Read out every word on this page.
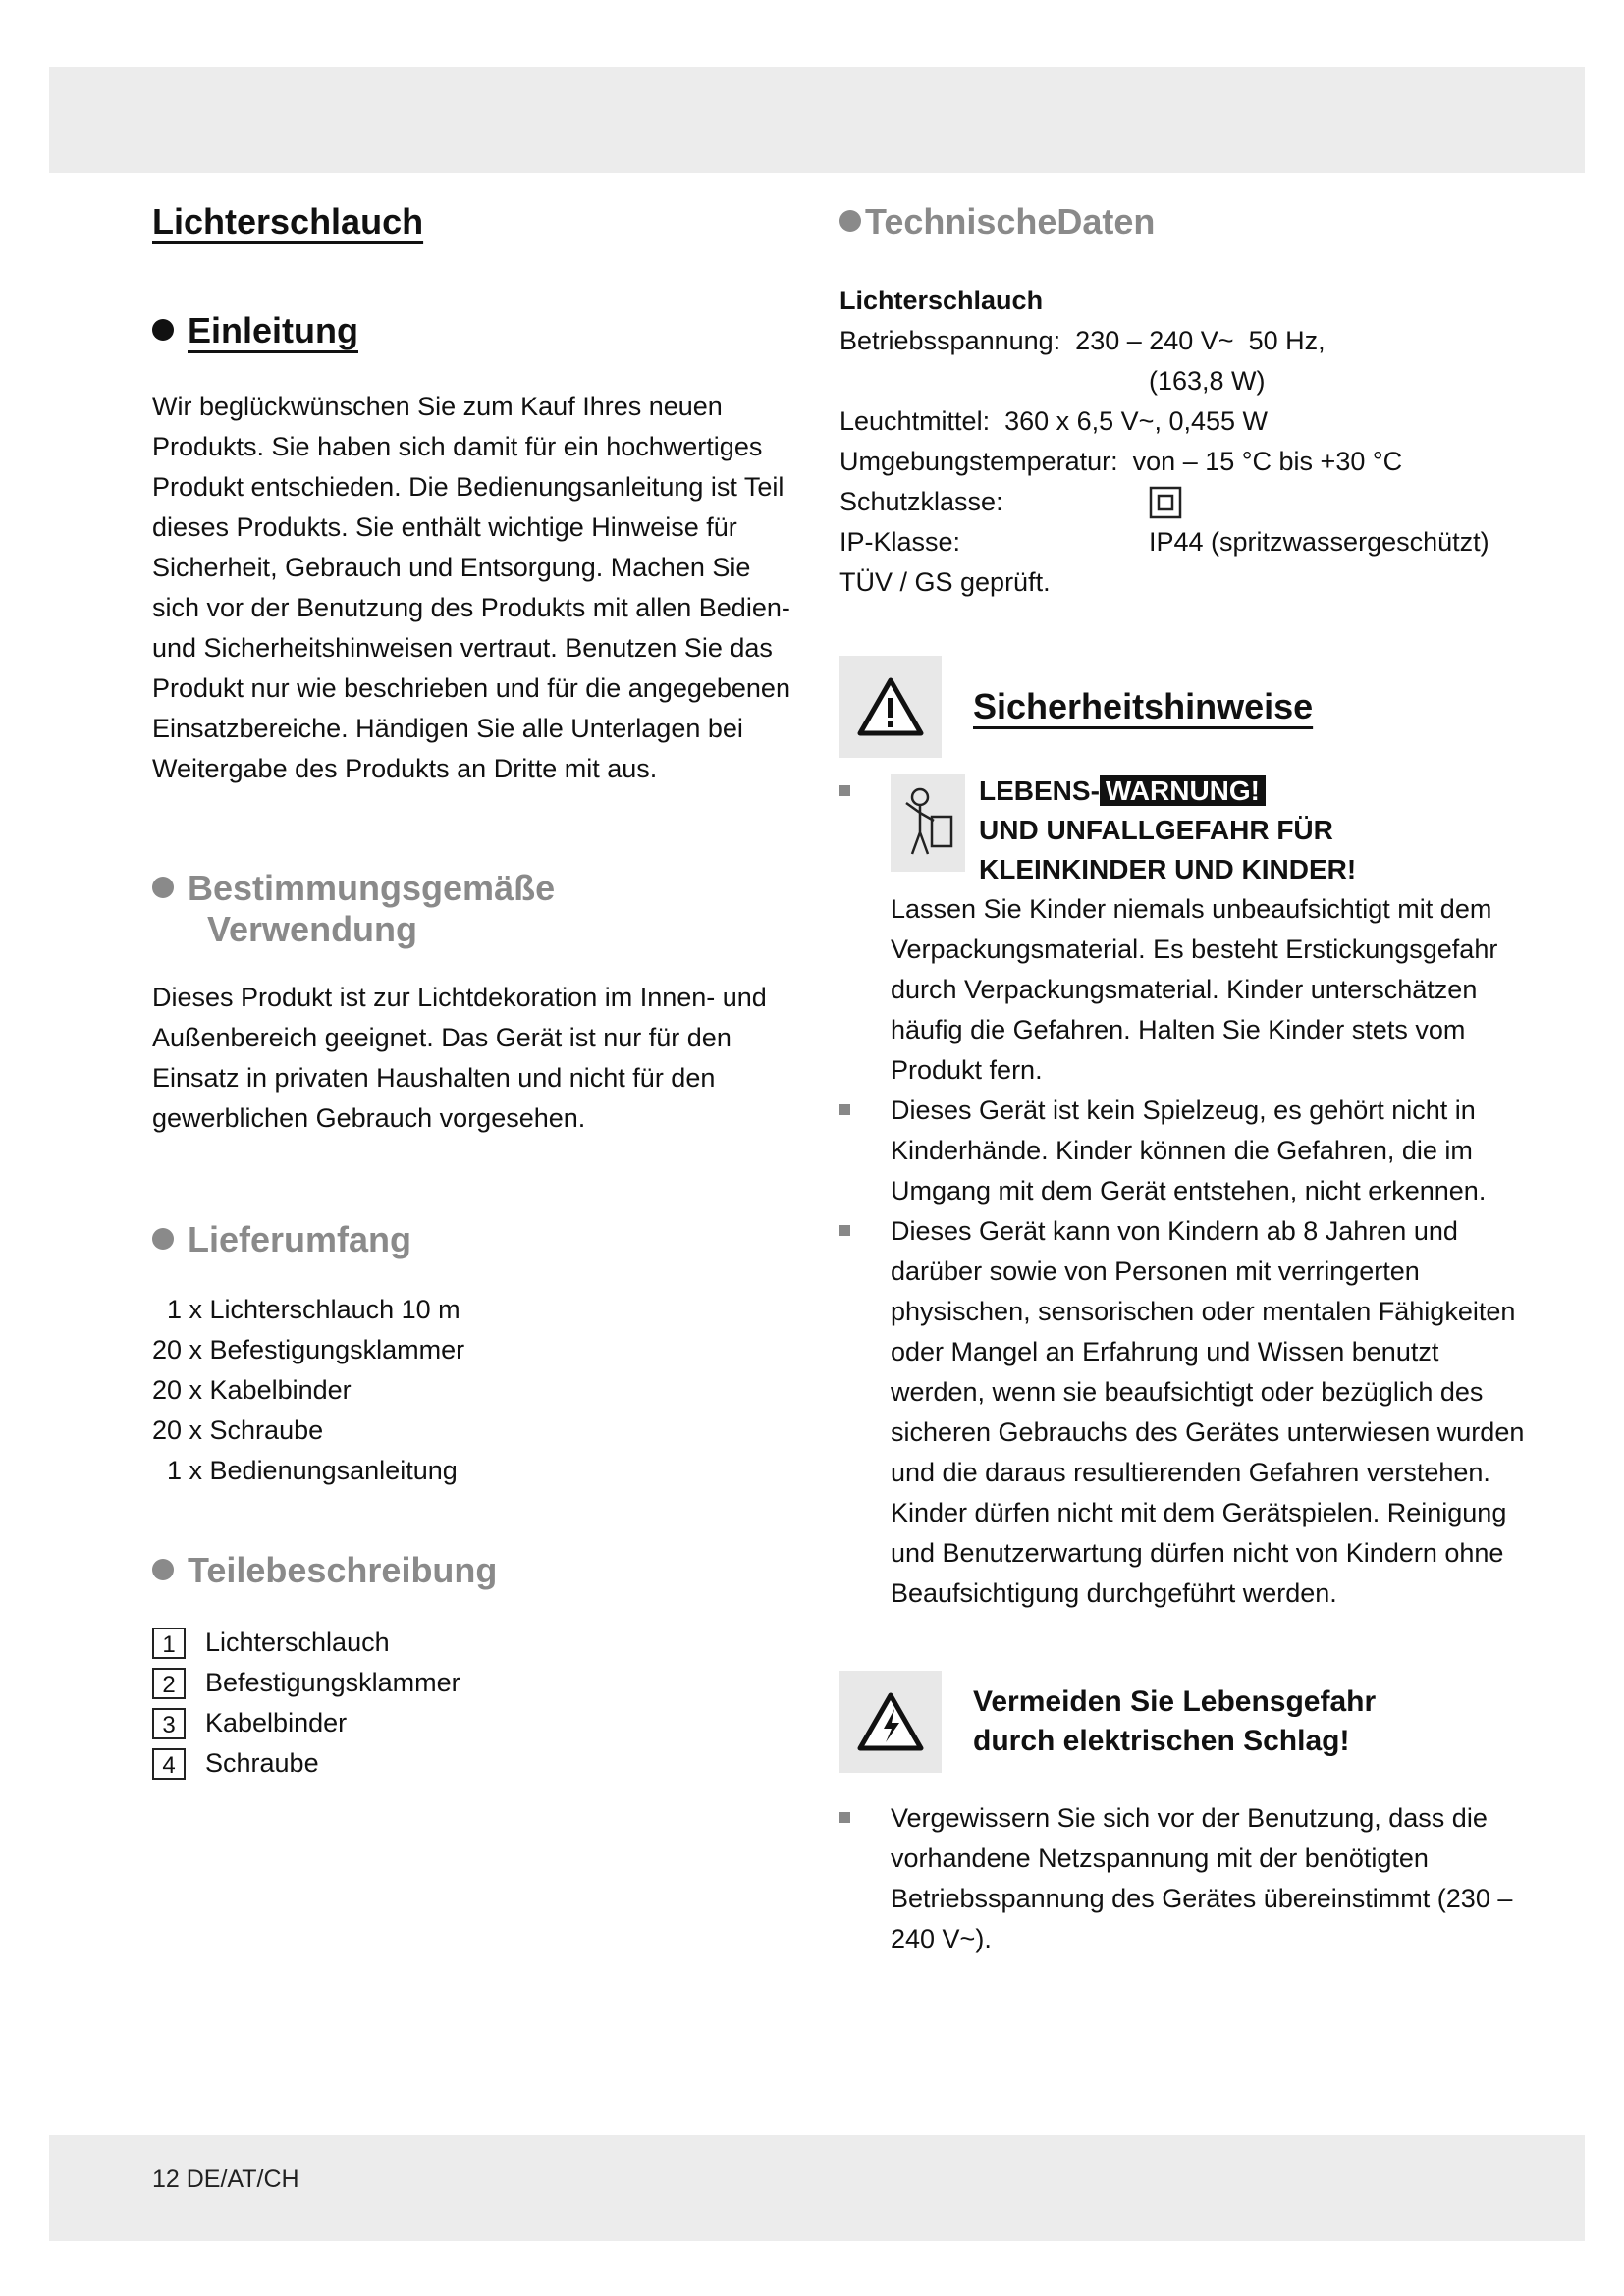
Lichterschlauch
Einleitung

Wir beglückwünschen Sie zum Kauf Ihres neuen Produkts. Sie haben sich damit für ein hochwertiges Produkt entschieden. Die Bedienungsanleitung ist Teil dieses Produkts. Sie enthält wichtige Hinweise für Sicherheit, Gebrauch und Entsorgung. Machen Sie sich vor der Benutzung des Produkts mit allen Bedien- und Sicherheitshinweisen vertraut. Benutzen Sie das Produkt nur wie beschrieben und für die angegebenen Einsatzbereiche. Händigen Sie alle Unterlagen bei Weitergabe des Produkts an Dritte mit aus.

Bestimmungsgemäße
Verwendung

Dieses Produkt ist zur Lichtdekoration im Innen- und Außenbereich geeignet. Das Gerät ist nur für den Einsatz in privaten Haushalten und nicht für den gewerblichen Gebrauch vorgesehen.

Lieferumfang
1 x Lichterschlauch 10 m
20 x Befestigungsklammer
20 x Kabelbinder
20 x Schraube
1 x Bedienungsanleitung
Teilebeschreibung
1	Lichterschlauch
2	Befestigungsklammer
3	Kabelbinder
4	Schraube
TechnischeDaten

Lichterschlauch

Betriebsspannung: 230 – 240 V~  50 Hz,
(163,8 W)
Leuchtmittel: 360 x 6,5 V~, 0,455 W
Umgebungstemperatur: von – 15 °C bis +30 °C
Schutzklasse:
IP-Klasse:	IP44 (spritzwassergeschützt)
TÜV / GS geprüft.
Sicherheitshinweise
LEBENS- WARNUNG!
UND UNFALLGEFAHR FÜR
KLEINKINDER UND KINDER!

Lassen Sie Kinder niemals unbeaufsichtigt mit dem Verpackungsmaterial. Es besteht Erstickungsgefahr durch Verpackungsmaterial. Kinder unterschätzen häufig die Gefahren. Halten Sie Kinder stets vom Produkt fern.

Dieses Gerät ist kein Spielzeug, es gehört nicht in Kinderhände. Kinder können die Gefahren, die im Umgang mit dem Gerät entstehen, nicht erkennen.

Dieses Gerät kann von Kindern ab 8 Jahren und darüber sowie von Personen mit verringerten physischen, sensorischen oder mentalen Fähigkeiten oder Mangel an Erfahrung und Wissen benutzt werden, wenn sie beaufsichtigt oder bezüglich des sicheren Gebrauchs des Gerätes unterwiesen wurden und die daraus resultierenden Gefahren verstehen. Kinder dürfen nicht mit dem Gerätspielen. Reinigung und Benutzerwartung dürfen nicht von Kindern ohne Beaufsichtigung durchgeführt werden.

Vermeiden Sie Lebensgefahr
durch elektrischen Schlag!

Vergewissern Sie sich vor der Benutzung, dass die vorhandene Netzspannung mit der benötigten Betriebsspannung des Gerätes übereinstimmt (230 – 240 V~).

12 DE/AT/CH
